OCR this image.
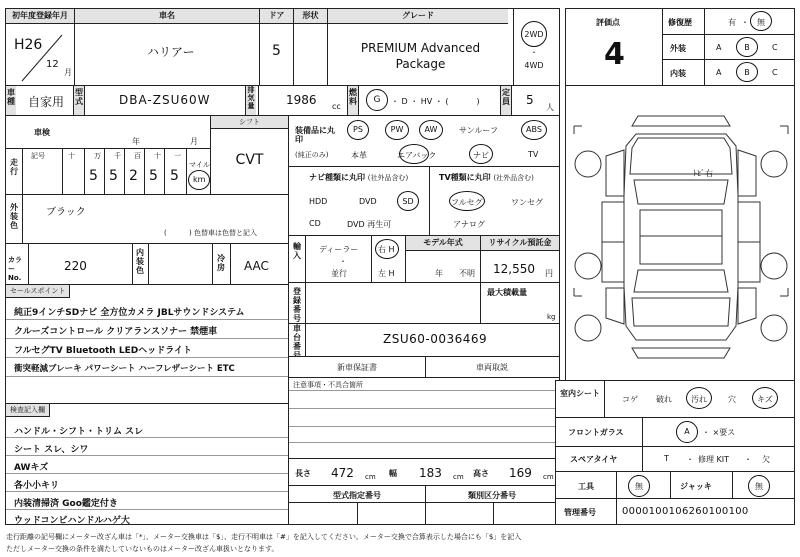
初年度登録年月
H26
12
月
車名
ハリアー
ドア
5
形状	グレード
PREMIUM Advanced
Package
2WD
・
4WD
車種 自家用
型式	DBA-ZSU60W
排気量	1986 cc
燃料	G	・ D ・ HV ・ (           )
定員 5
人
車検
年	月
シフト
CVT
走行
記号	十	万 千 百 十 一
5 5 2 5 5
マイル
km
外装色
ブラック
(          ) 色替車は色替と記入
カラーNo.
220
内装色
冷房 AAC
セールスポイント
純正9インチSDナビ 全方位カメラ JBLサウンドシステム
クルーズコントロール クリアランスソナー 禁煙車
フルセグTV Bluetooth LEDヘッドライト
衝突軽減ブレーキ パワーシート ハーフレザーシート ETC
検査記入欄
ハンドル・シフト・トリム スレ
シート スレ、シワ
AWキズ
各小小キリ
内装清掃済 Goo鑑定付き
ウッドコンビハンドルハゲ大
装備品に丸印
(純正のみ)
PS	PW	AW	サンルーフ	ABS
本革	エアバック	ナビ	TV
ナビ種類に丸印 (社外品含む)	TV種類に丸印 (社外品含む)
HDD	DVD	SD
CD	DVD 再生可
フルセグ	ワンセグ
アナログ
輸入
ディーラー
・
並行
右 H
左 H
モデル年式
年 不明
リサイクル預託金
12,550 円
登録番号
最大積載量
kg
車台番
ZSU60-0036469
新車保証書	車両取説
注意事項・不具合箇所
長さ 472 cm 幅 183 cm 高さ 169 cm
型式指定番号	類別区分番号
評価点
4
修復歴	有 ・	無
外装	A	B	C
内装	A	B	C
ﾄﾋﾞ右
室内シート
コゲ 破れ	汚れ	穴	キズ
フロントガラス	A	・ ×要ス
スペアタイヤ	T ・ 修理 KIT ・ 欠
工具	無	ジャッキ	無
管理番号	0000100106260100100
走行距離の記号欄にメーター改ざん車は「*」、メーター交換車は「$」、走行不明車は「#」を記入してください。メーター交換で合算表示した場合にも「$」を記入
ただしメーター交換の条件を満たしていないものはメーター改ざん車扱いとなります。
